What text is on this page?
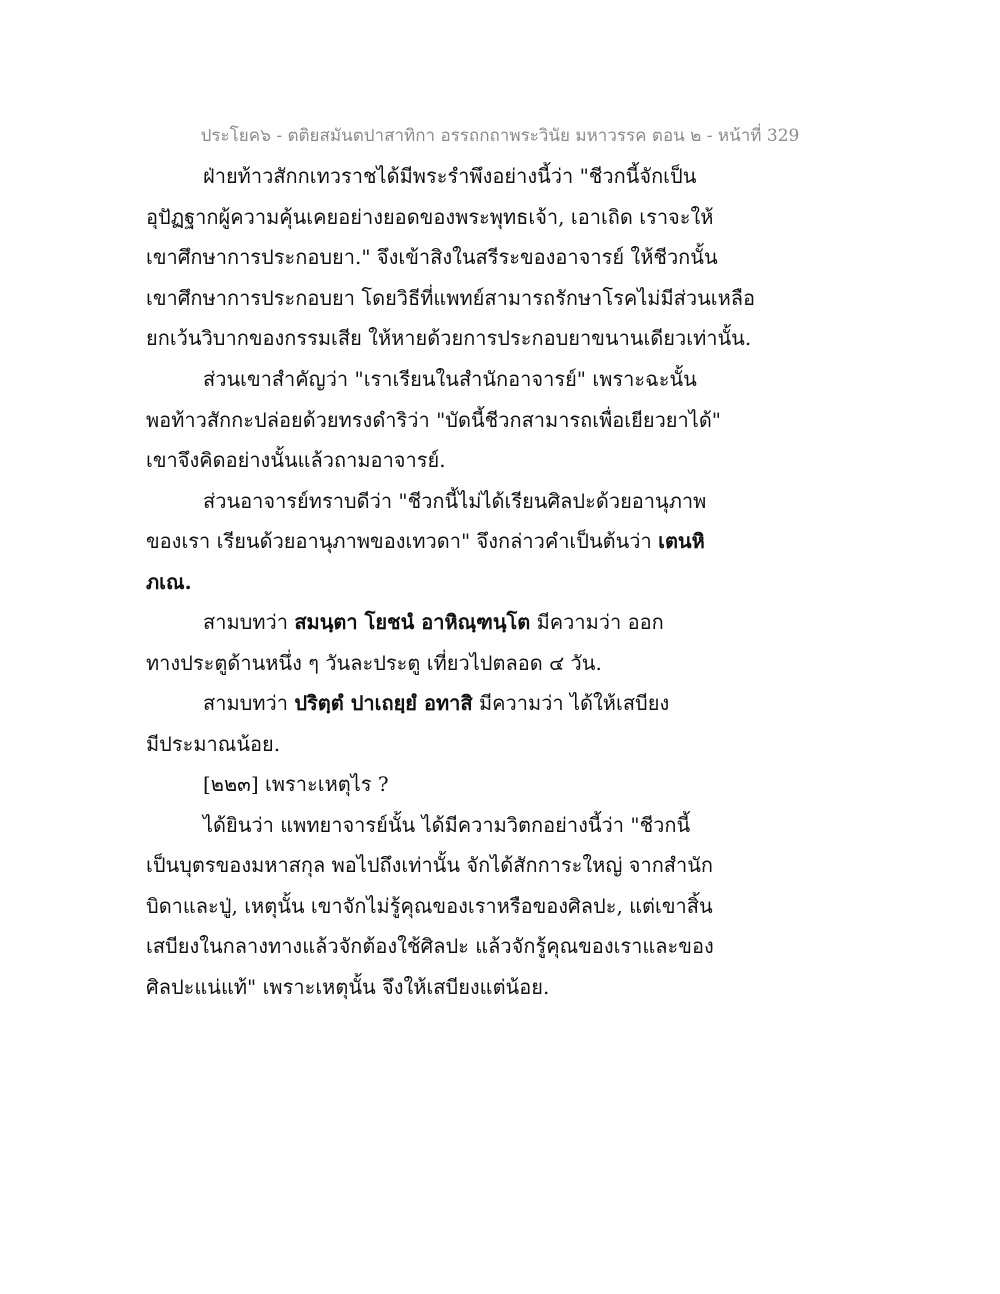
ประโยค๖ - ตติยสมันตปาสาทิกา อรรถกถาพระวินัย มหาวรรค ตอน ๒ - หน้าที่ 329
ฝ่ายท้าวสักกเทวราชได้มีพระรำพึงอย่างนี้ว่า "ชีวกนี้จักเป็น
อุปัฏฐากผู้ความคุ้นเคยอย่างยอดของพระพุทธเจ้า, เอาเถิด เราจะให้
เขาศึกษาการประกอบยา." จึงเข้าสิงในสรีระของอาจารย์ ให้ชีวกนั้น
เขาศึกษาการประกอบยา โดยวิธีที่แพทย์สามารถรักษาโรคไม่มีส่วนเหลือ
ยกเว้นวิบากของกรรมเสีย ให้หายด้วยการประกอบยาขนานเดียวเท่านั้น.
ส่วนเขาสำคัญว่า "เราเรียนในสำนักอาจารย์" เพราะฉะนั้น
พอท้าวสักกะปล่อยด้วยทรงดำริว่า "บัดนี้ชีวกสามารถเพื่อเยียวยาได้"
เขาจึงคิดอย่างนั้นแล้วถามอาจารย์.
ส่วนอาจารย์ทราบดีว่า "ชีวกนี้ไม่ได้เรียนศิลปะด้วยอานุภาพ
ของเรา เรียนด้วยอานุภาพของเทวดา" จึงกล่าวคำเป็นต้นว่า เตนหิ
ภเณ.
สามบทว่า สมนฺตา โยชนํ อาหิณฺฑนฺโต มีความว่า ออก
ทางประตูด้านหนึ่ง ๆ วันละประตู เที่ยวไปตลอด ๔ วัน.
สามบทว่า ปริตฺตํ ปาเถยฺยํ อทาสิ มีความว่า ได้ให้เสบียง
มีประมาณน้อย.
[๒๒๓] เพราะเหตุไร ?
ได้ยินว่า แพทยาจารย์นั้น ได้มีความวิตกอย่างนี้ว่า "ชีวกนี้
เป็นบุตรของมหาสกุล พอไปถึงเท่านั้น จักได้สักการะใหญ่ จากสำนัก
บิดาและปู่, เหตุนั้น เขาจักไม่รู้คุณของเราหรือของศิลปะ, แต่เขาสิ้น
เสบียงในกลางทางแล้วจักต้องใช้ศิลปะ แล้วจักรู้คุณของเราและของ
ศิลปะแน่แท้" เพราะเหตุนั้น จึงให้เสบียงแต่น้อย.
